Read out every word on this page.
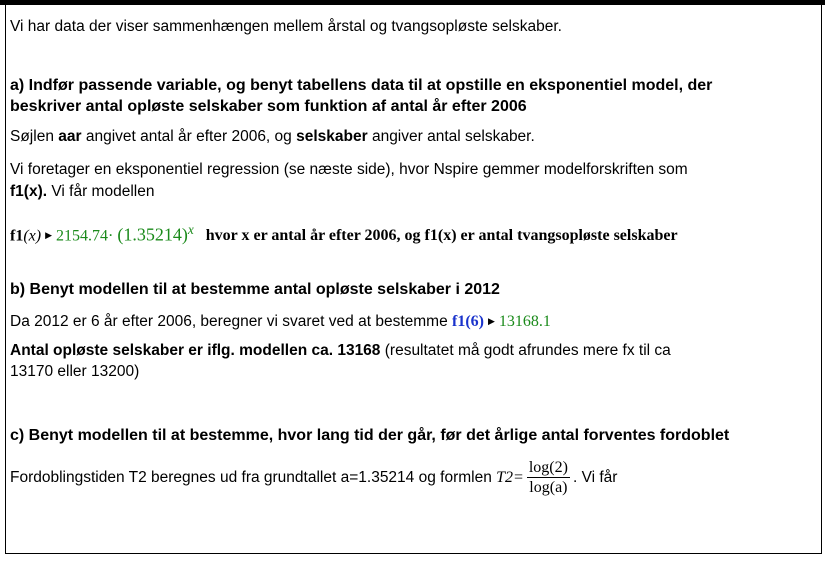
Vi har data der viser sammenhængen mellem årstal og tvangsopløste selskaber.
a) Indfør passende variable, og benyt tabellens data til at opstille en eksponentiel model, der
beskriver antal opløste selskaber som funktion af antal år efter 2006
Søjlen aar angivet antal år efter 2006, og selskaber angiver antal selskaber.
Vi foretager en eksponentiel regression (se næste side), hvor Nspire gemmer modelforskriften som
f1(x). Vi får modellen
f1(x) ▶ $2154.74\cdot (1.35214)^x$ hvor x er antal år efter 2006, og f1(x) er antal tvangsopløste selskaber
b) Benyt modellen til at bestemme antal opløste selskaber i 2012
Da 2012 er 6 år efter 2006, beregner vi svaret ved at bestemme f1(6) ▶ 13168.1
Antal opløste selskaber er iflg. modellen ca. 13168 (resultatet må godt afrundes mere fx til ca
13170 eller 13200)
c) Benyt modellen til at bestemme, hvor lang tid der går, før det årlige antal forventes fordoblet
Fordoblingstiden T2 beregnes ud fra grundtallet a=1.35214 og formlen $T2= \frac{\log(2)}{\log(a)}$ . Vi får
